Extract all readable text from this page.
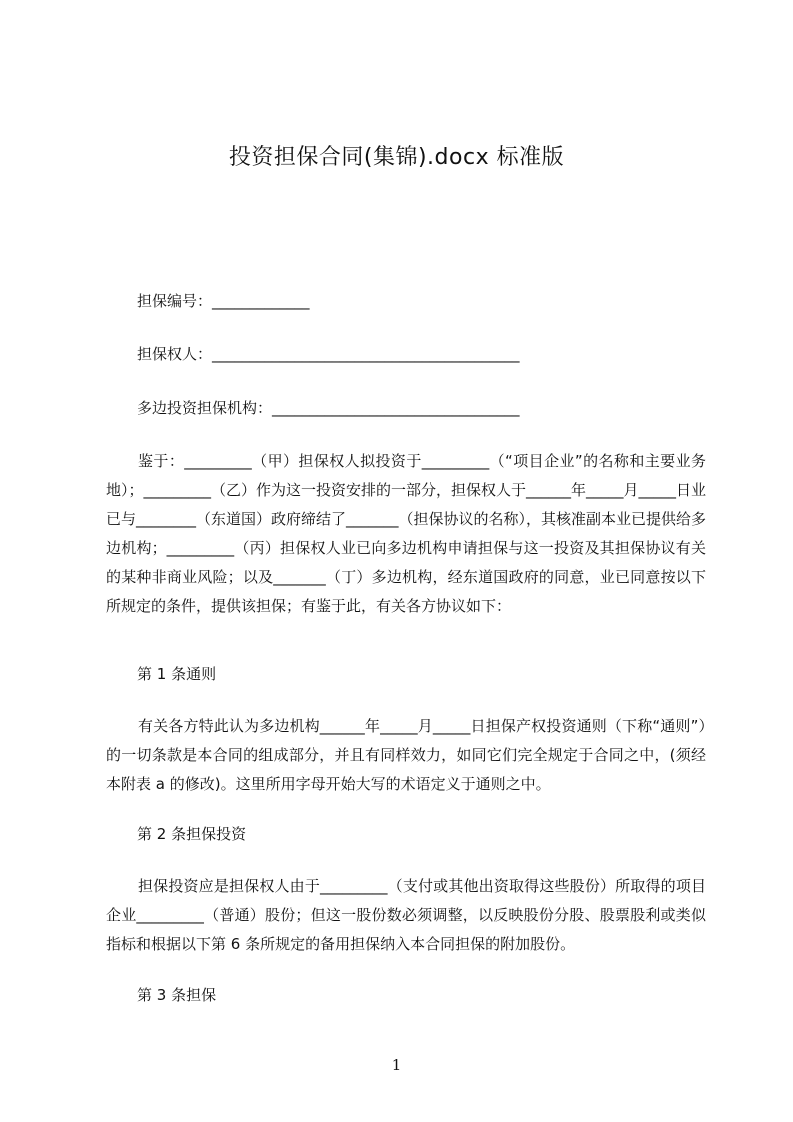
投资担保合同(集锦).docx 标准版
担保编号：_____________
担保权人：_________________________________________
多边投资担保机构：_________________________________
鉴于：_________（甲）担保权人拟投资于_________（“项目企业”的名称和主要业务地）；_________（乙）作为这一投资安排的一部分，担保权人于______年_____月_____日业已与________（东道国）政府缔结了_______（担保协议的名称），其核准副本业已提供给多边机构；_________（丙）担保权人业已向多边机构申请担保与这一投资及其担保协议有关的某种非商业风险；以及_______（丁）多边机构，经东道国政府的同意，业已同意按以下所规定的条件，提供该担保；有鉴于此，有关各方协议如下：
第 1 条通则
有关各方特此认为多边机构______年_____月_____日担保产权投资通则（下称“通则”）的一切条款是本合同的组成部分，并且有同样效力，如同它们完全规定于合同之中，(须经本附表 a 的修改)。这里所用字母开始大写的术语定义于通则之中。
第 2 条担保投资
担保投资应是担保权人由于_________（支付或其他出资取得这些股份）所取得的项目企业_________（普通）股份；但这一股份数必须调整，以反映股份分股、股票股利或类似指标和根据以下第 6 条所规定的备用担保纳入本合同担保的附加股份。
第 3 条担保
1
